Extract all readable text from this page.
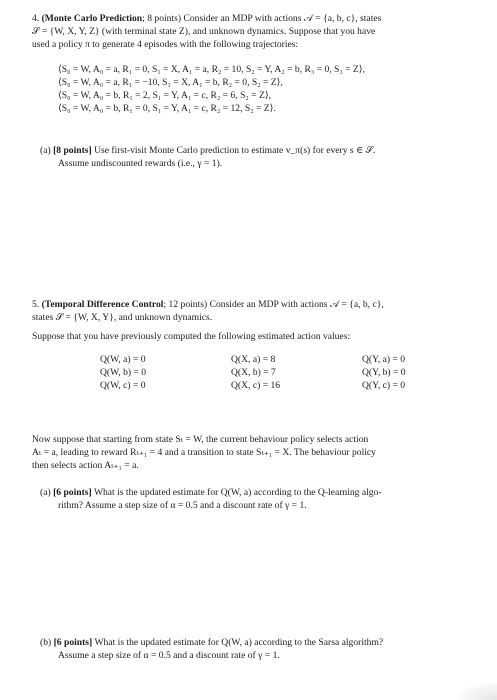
4. (Monte Carlo Prediction; 8 points) Consider an MDP with actions 𝒜 = {a, b, c}, states
𝒮 = {W, X, Y, Z} (with terminal state Z), and unknown dynamics. Suppose that you have
used a policy π to generate 4 episodes with the following trajectories:
⟨S₀ = W, A₀ = a, R₁ = 0, S₁ = X, A₁ = a, R₂ = 10, S₂ = Y, A₂ = b, R₃ = 0, S₃ = Z⟩,
⟨S₀ = W, A₀ = a, R₁ = −10, S₁ = X, A₁ = b, R₂ = 0, S₂ = Z⟩,
⟨S₀ = W, A₀ = b, R₁ = 2, S₁ = Y, A₁ = c, R₂ = 6, S₂ = Z⟩,
⟨S₀ = W, A₀ = b, R₁ = 0, S₁ = Y, A₁ = c, R₂ = 12, S₂ = Z⟩.
(a) [8 points] Use first-visit Monte Carlo prediction to estimate v_π(s) for every s ∈ 𝒮.
Assume undiscounted rewards (i.e., γ = 1).
5. (Temporal Difference Control; 12 points) Consider an MDP with actions 𝒜 = {a, b, c},
states 𝒮 = {W, X, Y}, and unknown dynamics.
Suppose that you have previously computed the following estimated action values:
Q(W, a) = 0
Q(W, b) = 0
Q(W, c) = 0
Q(X, a) = 8
Q(X, b) = 7
Q(X, c) = 16
Q(Y, a) = 0
Q(Y, b) = 0
Q(Y, c) = 0
Now suppose that starting from state Sₜ = W, the current behaviour policy selects action
Aₜ = a, leading to reward Rₜ₊₁ = 4 and a transition to state Sₜ₊₁ = X. The behaviour policy
then selects action Aₜ₊₁ = a.
(a) [6 points] What is the updated estimate for Q(W, a) according to the Q-learning algo-
rithm? Assume a step size of α = 0.5 and a discount rate of γ = 1.
(b) [6 points] What is the updated estimate for Q(W, a) according to the Sarsa algorithm?
Assume a step size of α = 0.5 and a discount rate of γ = 1.
